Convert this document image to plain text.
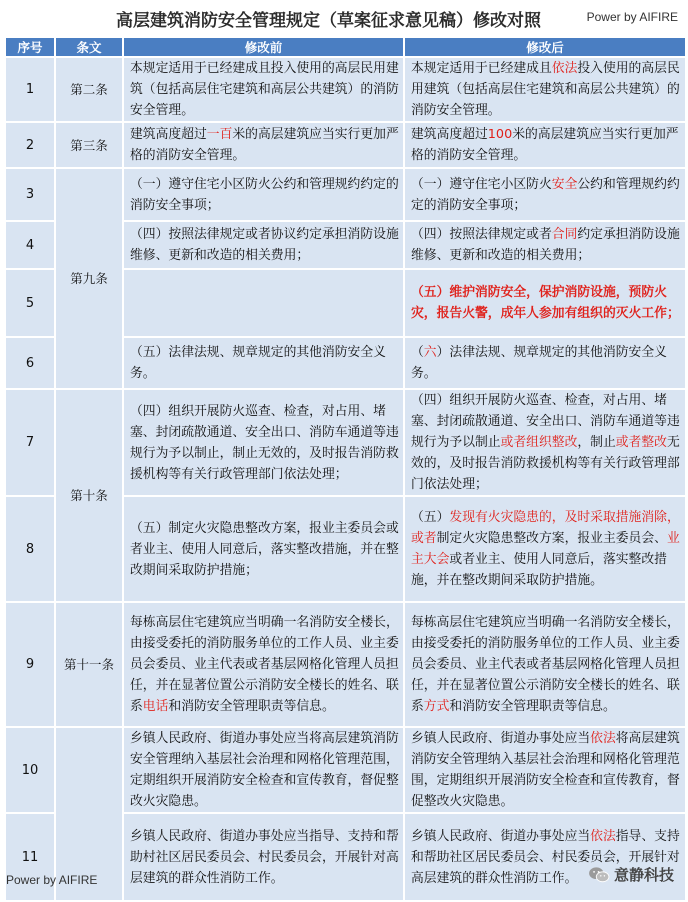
高层建筑消防安全管理规定（草案征求意见稿）修改对照	Power by AIFIRE
序号	条文	修改前	修改后
1	第二条	本规定适用于已经建成且投入使用的高层民用建筑（包括高层住宅建筑和高层公共建筑）的消防安全管理。	本规定适用于已经建成且依法投入使用的高层民用建筑（包括高层住宅建筑和高层公共建筑）的消防安全管理。
2	第三条	建筑高度超过一百米的高层建筑应当实行更加严格的消防安全管理。	建筑高度超过100米的高层建筑应当实行更加严格的消防安全管理。
3	第九条	（一）遵守住宅小区防火公约和管理规约约定的消防安全事项；	（一）遵守住宅小区防火安全公约和管理规约约定的消防安全事项；
4		（四）按照法律规定或者协议约定承担消防设施维修、更新和改造的相关费用；	（四）按照法律规定或者合同约定承担消防设施维修、更新和改造的相关费用；
5			（五）维护消防安全，保护消防设施，预防火灾，报告火警，成年人参加有组织的灭火工作；
6		（五）法律法规、规章规定的其他消防安全义务。	（六）法律法规、规章规定的其他消防安全义务。
7	第十条	（四）组织开展防火巡查、检查，对占用、堵塞、封闭疏散通道、安全出口、消防车通道等违规行为予以制止，制止无效的，及时报告消防救援机构等有关行政管理部门依法处理；	（四）组织开展防火巡查、检查，对占用、堵塞、封闭疏散通道、安全出口、消防车通道等违规行为予以制止或者组织整改，制止或者整改无效的，及时报告消防救援机构等有关行政管理部门依法处理；
8		（五）制定火灾隐患整改方案，报业主委员会或者业主、使用人同意后，落实整改措施，并在整改期间采取防护措施；	（五）发现有火灾隐患的，及时采取措施消除，或者制定火灾隐患整改方案，报业主委员会、业主大会或者业主、使用人同意后，落实整改措施，并在整改期间采取防护措施。
9	第十一条	每栋高层住宅建筑应当明确一名消防安全楼长，由接受委托的消防服务单位的工作人员、业主委员会委员、业主代表或者基层网格化管理人员担任，并在显著位置公示消防安全楼长的姓名、联系电话和消防安全管理职责等信息。	每栋高层住宅建筑应当明确一名消防安全楼长，由接受委托的消防服务单位的工作人员、业主委员会委员、业主代表或者基层网格化管理人员担任，并在显著位置公示消防安全楼长的姓名、联系方式和消防安全管理职责等信息。
10		乡镇人民政府、街道办事处应当将高层建筑消防安全管理纳入基层社会治理和网格化管理范围，定期组织开展消防安全检查和宣传教育，督促整改火灾隐患。	乡镇人民政府、街道办事处应当依法将高层建筑消防安全管理纳入基层社会治理和网格化管理范围，定期组织开展消防安全检查和宣传教育，督促整改火灾隐患。
11		乡镇人民政府、街道办事处应当指导、支持和帮助村社区居民委员会、村民委员会，开展针对高层建筑的群众性消防工作。	乡镇人民政府、街道办事处应当依法指导、支持和帮助社区居民委员会、村民委员会，开展针对高层建筑的群众性消防工作。
Power by AIFIRE	意静科技
